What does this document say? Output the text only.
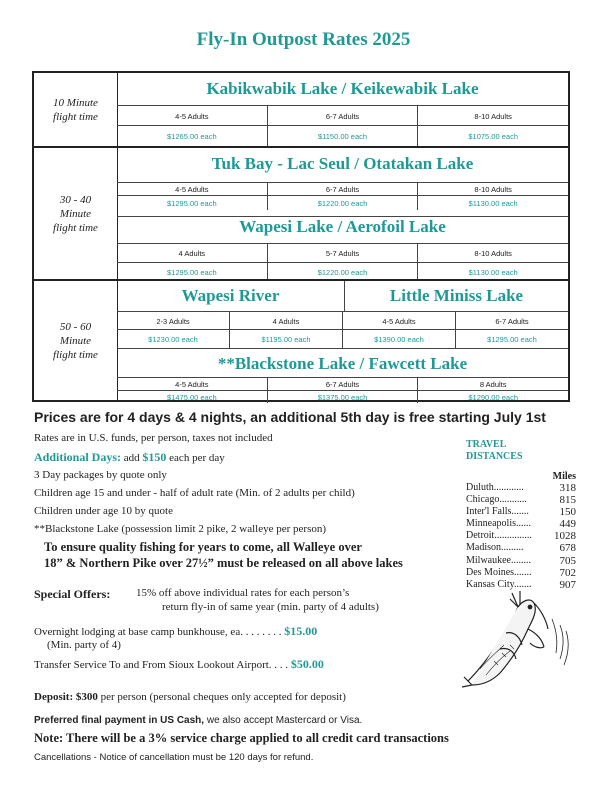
Fly-In Outpost Rates 2025
10 Minute
flight time
Kabikwabik Lake / Keikewabik Lake
4-5 Adults	6-7 Adults	8-10 Adults
$1265.00 each	$1150.00 each	$1075.00 each
30 - 40
Minute
flight time
Tuk Bay - Lac Seul / Otatakan Lake
4-5 Adults	6-7 Adults	8-10 Adults
$1295.00 each	$1220.00 each	$1130.00 each
Wapesi Lake / Aerofoil Lake
4 Adults	5-7 Adults	8-10 Adults
$1295.00 each	$1220.00 each	$1130.00 each
50 - 60
Minute
flight time
Wapesi River	Little Miniss Lake
2-3 Adults	4 Adults	4-5 Adults	6-7 Adults
$1230.00 each	$1195.00 each	$1390.00 each	$1295.00 each
**Blackstone Lake / Fawcett Lake
4-5 Adults	6-7 Adults	8 Adults
$1475.00 each	$1375.00 each	$1290.00 each
Prices are for 4 days & 4 nights, an additional 5th day is free starting July 1st
Rates are in U.S. funds, per person, taxes not included
Additional Days: add $150 each per day
3 Day packages by quote only
Children age 15 and under - half of adult rate (Min. of 2 adults per child)
Children under age 10 by quote
**Blackstone Lake (possession limit 2 pike, 2 walleye per person)
To ensure quality fishing for years to come, all Walleye over
18” & Northern Pike over 27½” must be released on all above lakes
Special Offers: 15% off above individual rates for each person’s
return fly-in of same year (min. party of 4 adults)
Overnight lodging at base camp bunkhouse, ea. . . . . . . . $15.00
(Min. party of 4)
Transfer Service To and From Sioux Lookout Airport. . . . $50.00
Deposit: $300 per person (personal cheques only accepted for deposit)
Preferred final payment in US Cash, we also accept Mastercard or Visa.
Note: There will be a 3% service charge applied to all credit card transactions
Cancellations - Notice of cancellation must be 120 days for refund.
TRAVEL
DISTANCES
Miles
Duluth............	318
Chicago...........	815
Inter'l Falls.......	150
Minneapolis......	449
Detroit............... 1028
Madison.........	678
Milwaukee........	705
Des Moines.......	702
Kansas City.......	907
